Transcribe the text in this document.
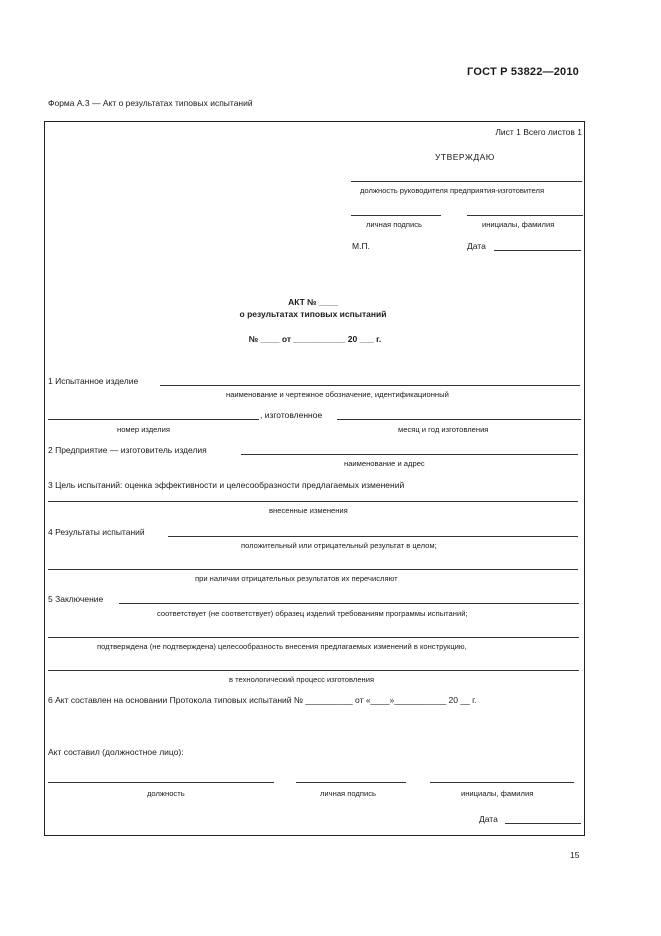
ГОСТ Р 53822—2010
Форма А.3 — Акт о результатах типовых испытаний
Лист 1 Всего листов 1
УТВЕРЖДАЮ
должность руководителя предприятия-изготовителя
личная подпись	инициалы, фамилия
М.П.	Дата
АКТ № ____
о результатах типовых испытаний
№ ____ от ___________ 20 ___ г.
1 Испытанное изделие
наименование и чертежное обозначение, идентификационный
, изготовленное
номер изделия	месяц и год изготовления
2 Предприятие — изготовитель изделия
наименование и адрес
3 Цель испытаний: оценка эффективности и целесообразности предлагаемых изменений
внесенные изменения
4 Результаты испытаний
положительный или отрицательный результат в целом;
при наличии отрицательных результатов их перечисляют
5 Заключение
соответствует (не соответствует) образец изделий требованиям программы испытаний;
подтверждена (не подтверждена) целесообразность внесения предлагаемых изменений в конструкцию,
в технологический процесс изготовления
6 Акт составлен на основании Протокола типовых испытаний № __________ от «____»___________ 20 __ г.
Акт составил (должностное лицо):
должность	личная подпись	инициалы, фамилия
Дата
15
